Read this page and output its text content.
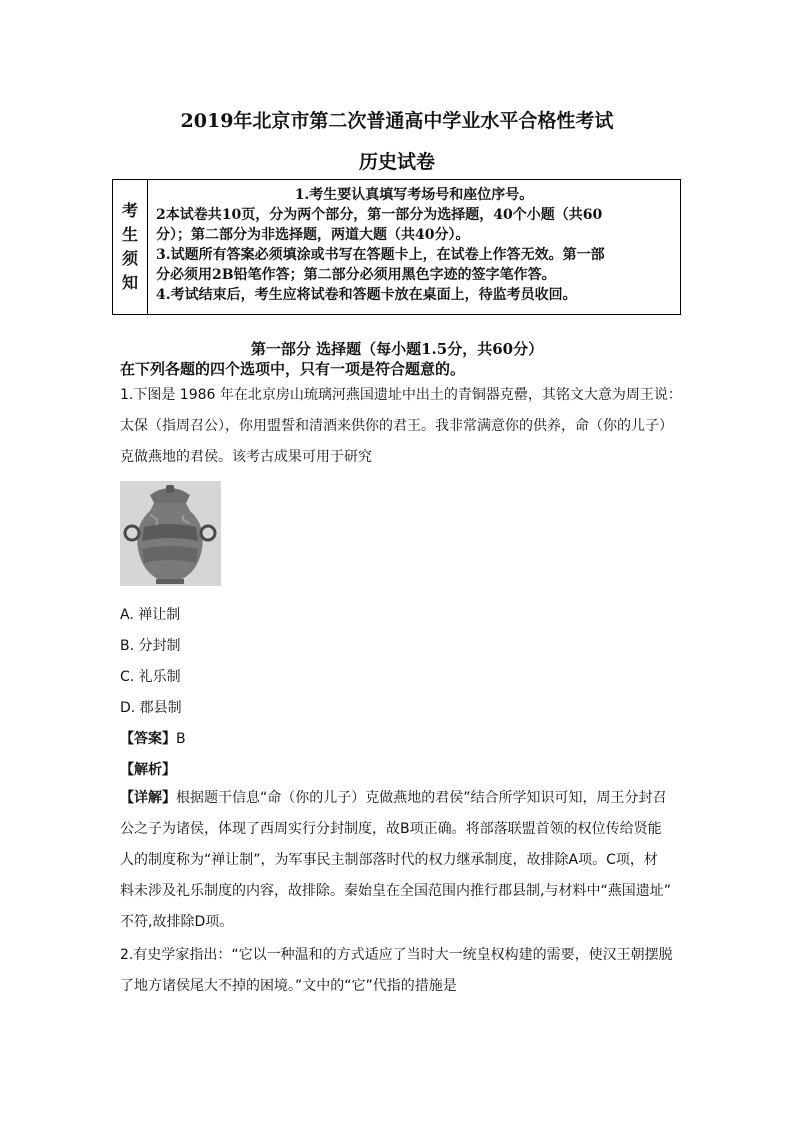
2019年北京市第二次普通高中学业水平合格性考试
历史试卷
考
生
须
知

1.考生要认真填写考场号和座位序号。
2本试卷共10页，分为两个部分，第一部分为选择题，40个小题（共60
分）；第二部分为非选择题，两道大题（共40分）。
3.试题所有答案必须填涂或书写在答题卡上，在试卷上作答无效。第一部
分必须用2B铅笔作答；第二部分必须用黑色字迹的签字笔作答。
4.考试结束后，考生应将试卷和答题卡放在桌面上，待监考员收回。
第一部分 选择题（每小题1.5分，共60分）
在下列各题的四个选项中，只有一项是符合题意的。
1.下图是 1986 年在北京房山琉璃河燕国遗址中出土的青铜器克罍，其铭文大意为周王说：
太保（指周召公），你用盟誓和清酒来供你的君王。我非常满意你的供养，命（你的儿子）
克做燕地的君侯。该考古成果可用于研究
A. 禅让制
B. 分封制
C. 礼乐制
D. 郡县制
【答案】B
【解析】
【详解】根据题干信息“命（你的儿子）克做燕地的君侯”结合所学知识可知，周王分封召
公之子为诸侯，体现了西周实行分封制度，故B项正确。将部落联盟首领的权位传给贤能
人的制度称为“禅让制”，为军事民主制部落时代的权力继承制度，故排除A项。C项，材
料未涉及礼乐制度的内容，故排除。秦始皇在全国范围内推行郡县制,与材料中“燕国遗址”
不符,故排除D项。
2.有史学家指出：“它以一种温和的方式适应了当时大一统皇权构建的需要，使汉王朝摆脱
了地方诸侯尾大不掉的困境。”文中的“它”代指的措施是
